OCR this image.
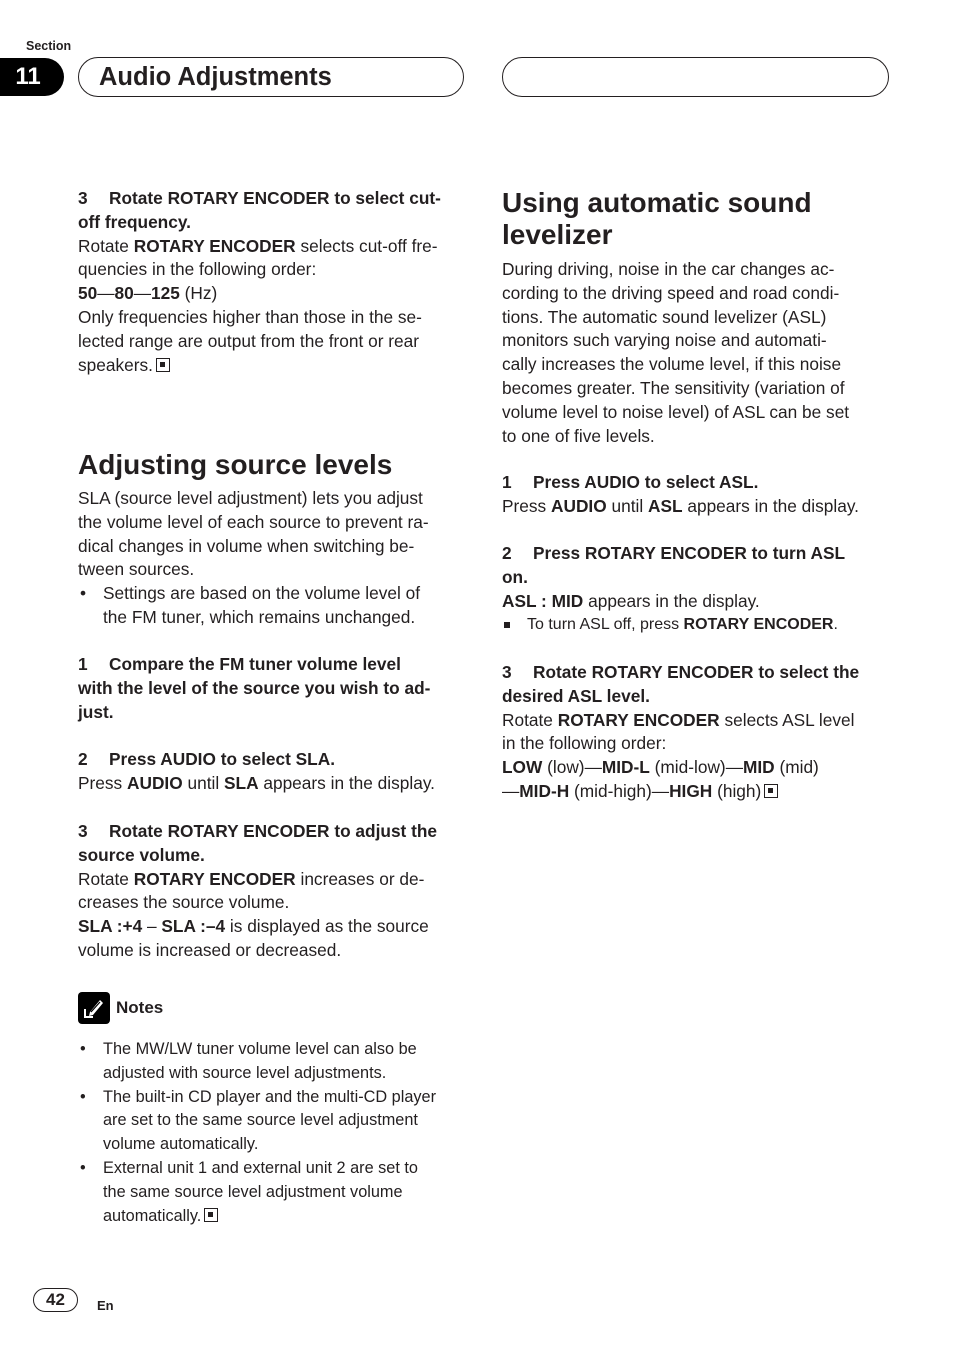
Section
11 Audio Adjustments
3 Rotate ROTARY ENCODER to select cut-
off frequency.
Rotate ROTARY ENCODER selects cut-off fre-
quencies in the following order:
50—80—125 (Hz)
Only frequencies higher than those in the se-
lected range are output from the front or rear
speakers.
Adjusting source levels
SLA (source level adjustment) lets you adjust
the volume level of each source to prevent ra-
dical changes in volume when switching be-
tween sources.
• Settings are based on the volume level of
the FM tuner, which remains unchanged.
1 Compare the FM tuner volume level
with the level of the source you wish to ad-
just.
2 Press AUDIO to select SLA.
Press AUDIO until SLA appears in the display.
3 Rotate ROTARY ENCODER to adjust the
source volume.
Rotate ROTARY ENCODER increases or de-
creases the source volume.
SLA :+4 – SLA :–4 is displayed as the source
volume is increased or decreased.
Notes
• The MW/LW tuner volume level can also be
adjusted with source level adjustments.
• The built-in CD player and the multi-CD player
are set to the same source level adjustment
volume automatically.
• External unit 1 and external unit 2 are set to
the same source level adjustment volume
automatically.
Using automatic sound
levelizer
During driving, noise in the car changes ac-
cording to the driving speed and road condi-
tions. The automatic sound levelizer (ASL)
monitors such varying noise and automati-
cally increases the volume level, if this noise
becomes greater. The sensitivity (variation of
volume level to noise level) of ASL can be set
to one of five levels.
1 Press AUDIO to select ASL.
Press AUDIO until ASL appears in the display.
2 Press ROTARY ENCODER to turn ASL
on.
ASL : MID appears in the display.
To turn ASL off, press ROTARY ENCODER.
3 Rotate ROTARY ENCODER to select the
desired ASL level.
Rotate ROTARY ENCODER selects ASL level
in the following order:
LOW (low)—MID-L (mid-low)—MID (mid)
—MID-H (mid-high)—HIGH (high)
42 En
